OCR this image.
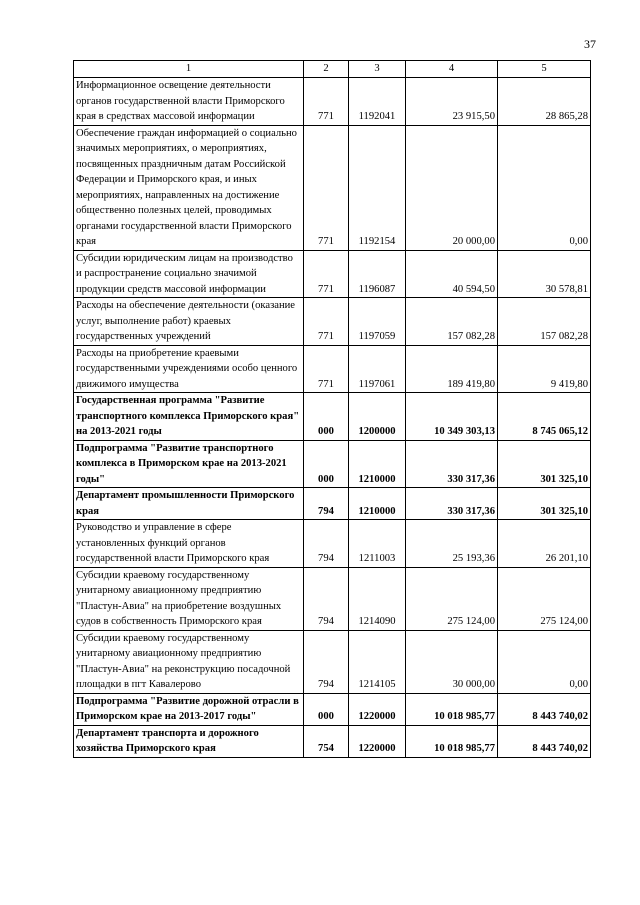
37
1	2	3	4	5
Информационное освещение деятельности органов государственной власти Приморского края в средствах массовой информации	771	1192041	23 915,50	28 865,28
Обеспечение граждан информацией о социально значимых мероприятиях, о мероприятиях, посвященных праздничным датам Российской Федерации и Приморского края, и иных мероприятиях, направленных на достижение общественно полезных целей, проводимых органами государственной власти Приморского края	771	1192154	20 000,00	0,00
Субсидии юридическим лицам на производство и распространение социально значимой продукции средств массовой информации	771	1196087	40 594,50	30 578,81
Расходы на обеспечение деятельности (оказание услуг, выполнение работ) краевых государственных учреждений	771	1197059	157 082,28	157 082,28
Расходы на приобретение краевыми государственными учреждениями особо ценного движимого имущества	771	1197061	189 419,80	9 419,80
Государственная программа "Развитие транспортного комплекса Приморского края" на 2013-2021 годы	000	1200000	10 349 303,13	8 745 065,12
Подпрограмма "Развитие транспортного комплекса в Приморском крае на 2013-2021 годы"	000	1210000	330 317,36	301 325,10
Департамент промышленности Приморского края	794	1210000	330 317,36	301 325,10
Руководство и управление в сфере установленных функций органов государственной власти Приморского края	794	1211003	25 193,36	26 201,10
Субсидии краевому государственному унитарному авиационному предприятию "Пластун-Авиа" на приобретение воздушных судов в собственность Приморского края	794	1214090	275 124,00	275 124,00
Субсидии краевому государственному унитарному авиационному предприятию "Пластун-Авиа" на реконструкцию посадочной площадки в пгт Кавалерово	794	1214105	30 000,00	0,00
Подпрограмма "Развитие дорожной отрасли в Приморском крае на 2013-2017 годы"	000	1220000	10 018 985,77	8 443 740,02
Департамент транспорта и дорожного хозяйства Приморского края	754	1220000	10 018 985,77	8 443 740,02
